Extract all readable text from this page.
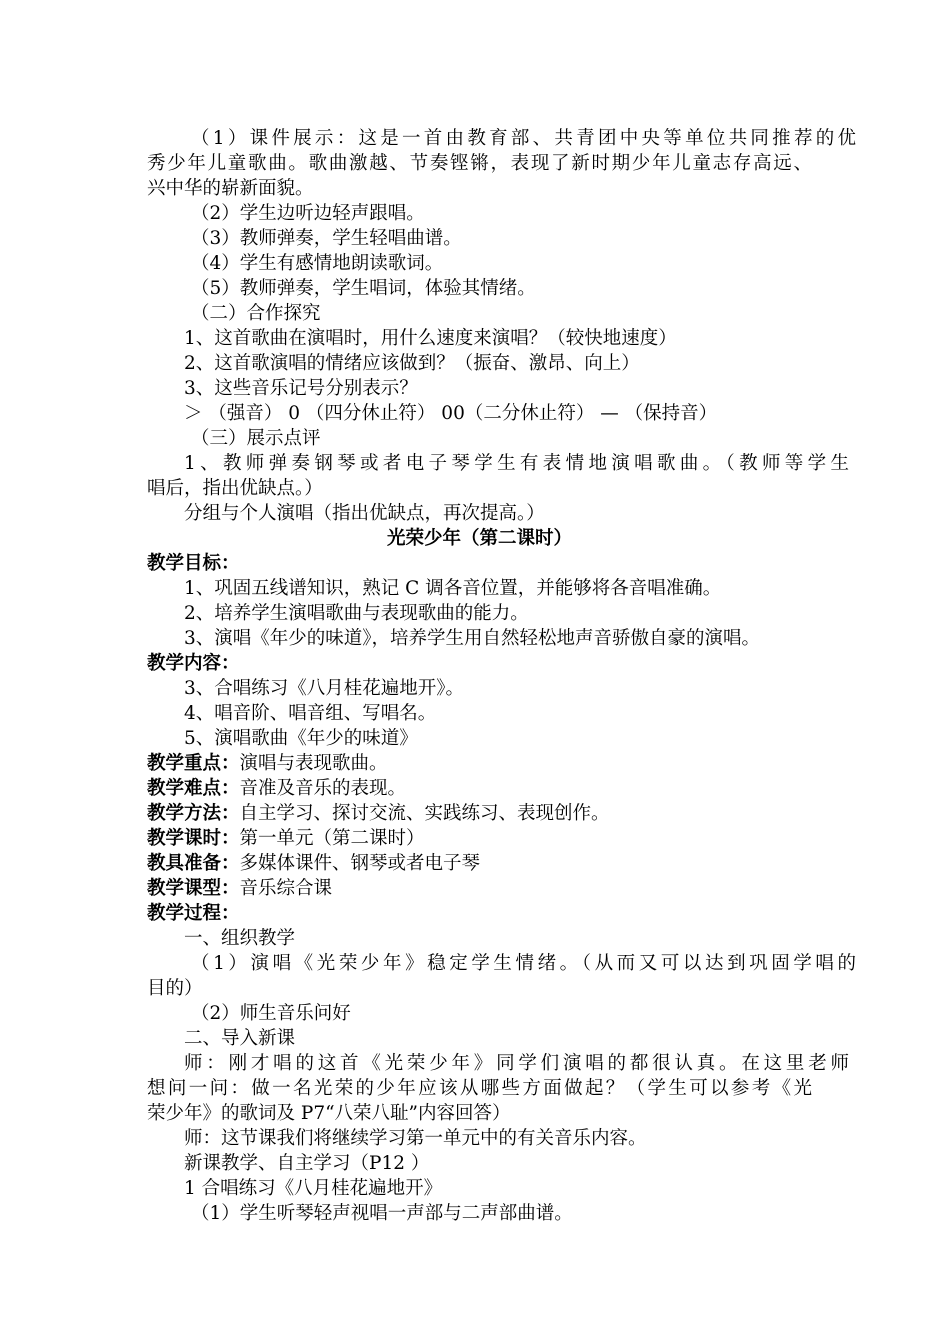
（1）课件展示：这是一首由教育部、共青团中央等单位共同推荐的优
秀少年儿童歌曲。歌曲激越、节奏铿锵，表现了新时期少年儿童志存高远、
兴中华的崭新面貌。
（2）学生边听边轻声跟唱。
（3）教师弹奏，学生轻唱曲谱。
（4）学生有感情地朗读歌词。
（5）教师弹奏，学生唱词，体验其情绪。
（二）合作探究
1、这首歌曲在演唱时，用什么速度来演唱？（较快地速度）
2、这首歌演唱的情绪应该做到？（振奋、激昂、向上）
3、这些音乐记号分别表示？
＞ （强音） 0 （四分休止符） 00（二分休止符） — （保持音）
（三）展示点评
1、教师弹奏钢琴或者电子琴学生有表情地演唱歌曲。（教师等学生
唱后，指出优缺点。）
分组与个人演唱（指出优缺点，再次提高。）
光荣少年（第二课时）
教学目标：
1、巩固五线谱知识，熟记 C 调各音位置，并能够将各音唱准确。
2、培养学生演唱歌曲与表现歌曲的能力。
3、演唱《年少的味道》，培养学生用自然轻松地声音骄傲自豪的演唱。
教学内容：
3、合唱练习《八月桂花遍地开》。
4、唱音阶、唱音组、写唱名。
5、演唱歌曲《年少的味道》
教学重点：演唱与表现歌曲。
教学难点：音准及音乐的表现。
教学方法：自主学习、探讨交流、实践练习、表现创作。
教学课时：第一单元（第二课时）
教具准备：多媒体课件、钢琴或者电子琴
教学课型：音乐综合课
教学过程：
一、组织教学
（1）演唱《光荣少年》稳定学生情绪。（从而又可以达到巩固学唱的
目的）
（2）师生音乐问好
二、导入新课
师：刚才唱的这首《光荣少年》同学们演唱的都很认真。在这里老师
想问一问：做一名光荣的少年应该从哪些方面做起？（学生可以参考《光
荣少年》的歌词及 P7“八荣八耻”内容回答）
师：这节课我们将继续学习第一单元中的有关音乐内容。
新课教学、自主学习（P12 ）
1 合唱练习《八月桂花遍地开》
（1）学生听琴轻声视唱一声部与二声部曲谱。
